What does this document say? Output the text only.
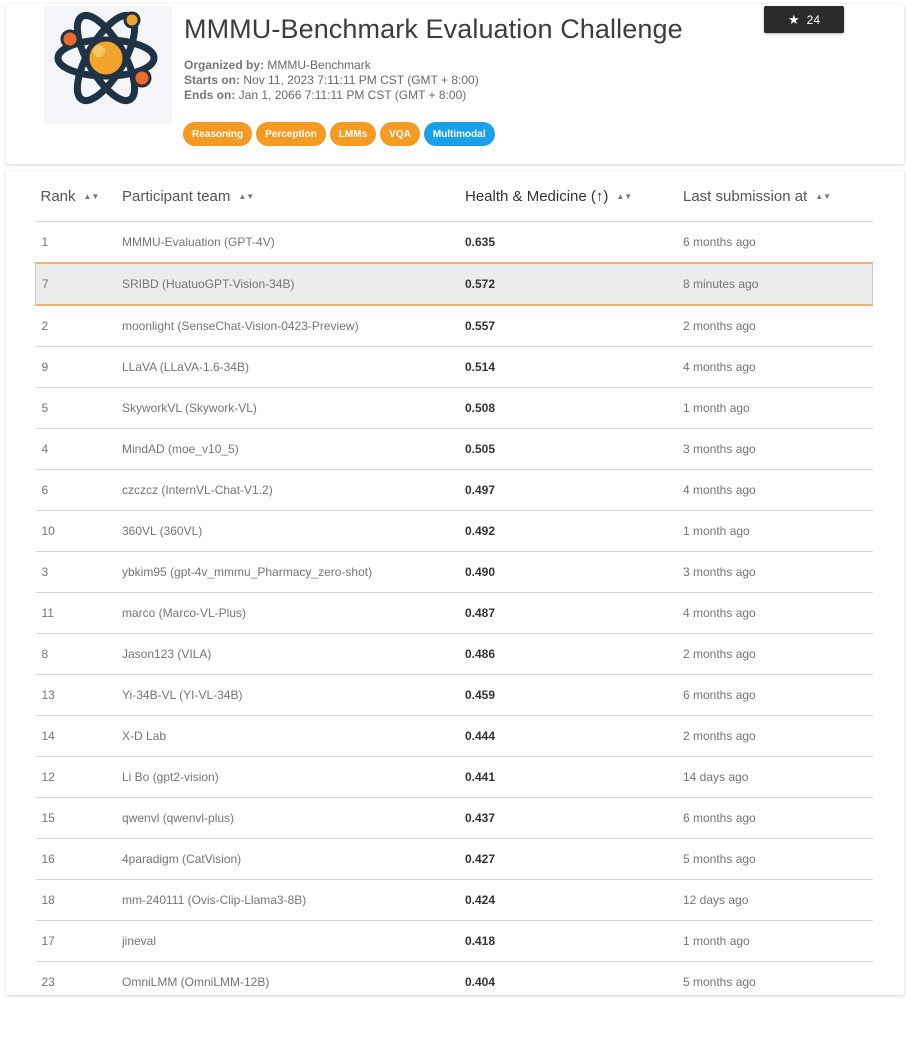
MMMU-Benchmark Evaluation Challenge
Organized by: MMMU-Benchmark
Starts on: Nov 11, 2023 7:11:11 PM CST (GMT + 8:00)
Ends on: Jan 1, 2066 7:11:11 PM CST (GMT + 8:00)
Reasoning	Perception	LMMs	VQA	Multimodal
★ 24
Rank ▲▼	Participant team ▲▼	Health & Medicine (↑) ▲▼	Last submission at ▲▼
1	MMMU-Evaluation (GPT-4V)	0.635	6 months ago
7	SRIBD (HuatuoGPT-Vision-34B)	0.572	8 minutes ago
2	moonlight (SenseChat-Vision-0423-Preview)	0.557	2 months ago
9	LLaVA (LLaVA-1.6-34B)	0.514	4 months ago
5	SkyworkVL (Skywork-VL)	0.508	1 month ago
4	MindAD (moe_v10_5)	0.505	3 months ago
6	czczcz (InternVL-Chat-V1.2)	0.497	4 months ago
10	360VL (360VL)	0.492	1 month ago
3	ybkim95 (gpt-4v_mmmu_Pharmacy_zero-shot)	0.490	3 months ago
11	marco (Marco-VL-Plus)	0.487	4 months ago
8	Jason123 (VILA)	0.486	2 months ago
13	Yi-34B-VL (YI-VL-34B)	0.459	6 months ago
14	X-D Lab	0.444	2 months ago
12	Li Bo (gpt2-vision)	0.441	14 days ago
15	qwenvl (qwenvl-plus)	0.437	6 months ago
16	4paradigm (CatVision)	0.427	5 months ago
18	mm-240111 (Ovis-Clip-Llama3-8B)	0.424	12 days ago
17	jineval	0.418	1 month ago
23	OmniLMM (OmniLMM-12B)	0.404	5 months ago
